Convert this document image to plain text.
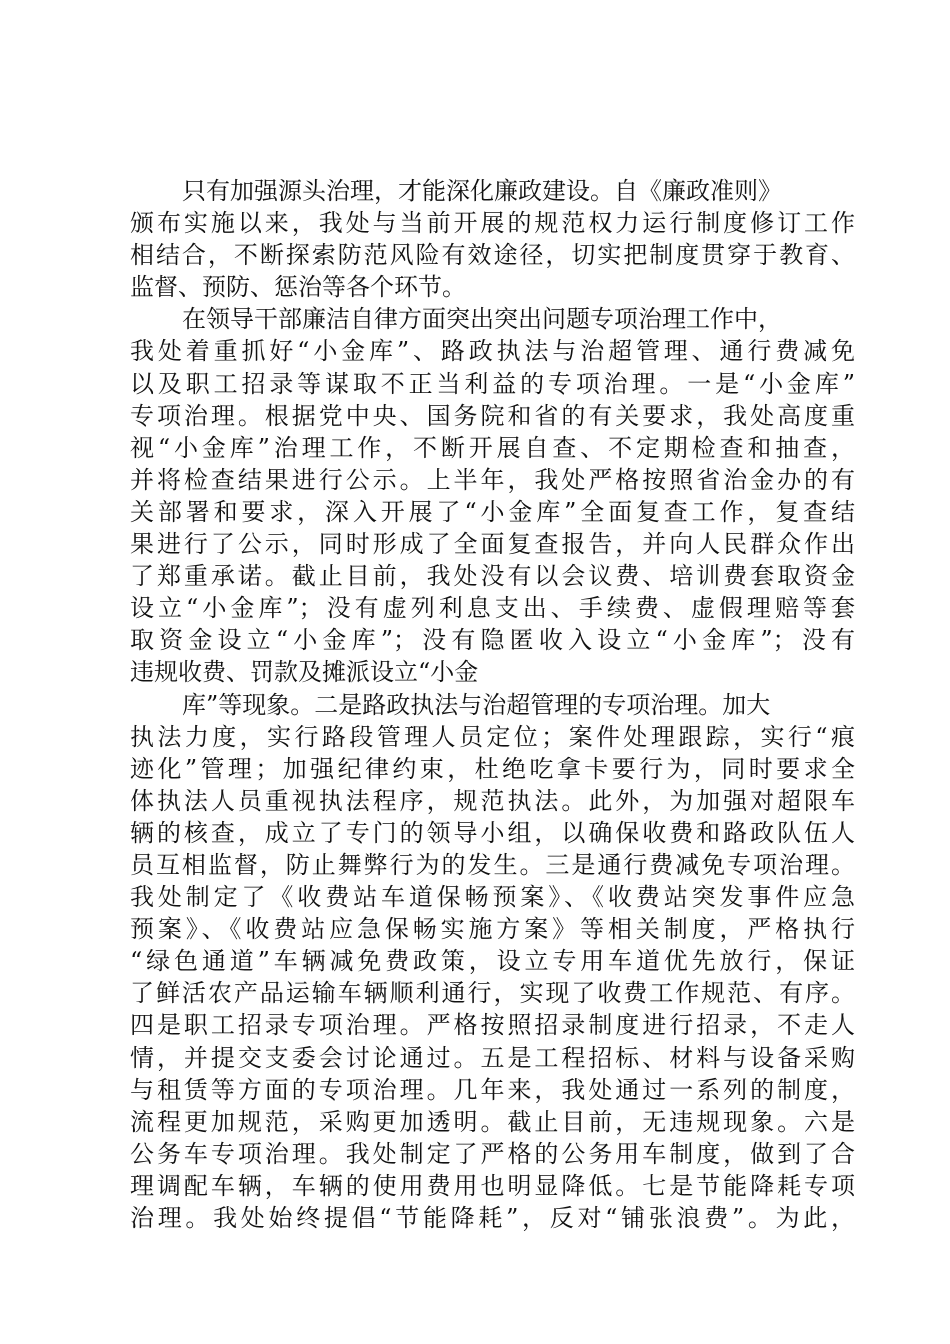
只有加强源头治理，才能深化廉政建设。自《廉政准则》
颁布实施以来，我处与当前开展的规范权力运行制度修订工作
相结合，不断探索防范风险有效途径，切实把制度贯穿于教育、
监督、预防、惩治等各个环节。
在领导干部廉洁自律方面突出突出问题专项治理工作中，
我处着重抓好“小金库”、路政执法与治超管理、通行费减免
以及职工招录等谋取不正当利益的专项治理。一是“小金库”
专项治理。根据党中央、国务院和省的有关要求，我处高度重
视“小金库”治理工作，不断开展自查、不定期检查和抽查，
并将检查结果进行公示。上半年，我处严格按照省治金办的有
关部署和要求，深入开展了“小金库”全面复查工作，复查结
果进行了公示，同时形成了全面复查报告，并向人民群众作出
了郑重承诺。截止目前，我处没有以会议费、培训费套取资金
设立“小金库”；没有虚列利息支出、手续费、虚假理赔等套
取资金设立“小金库”；没有隐匿收入设立“小金库”；没有
违规收费、罚款及摊派设立“小金
库”等现象。二是路政执法与治超管理的专项治理。加大
执法力度，实行路段管理人员定位；案件处理跟踪，实行“痕
迹化”管理；加强纪律约束，杜绝吃拿卡要行为，同时要求全
体执法人员重视执法程序，规范执法。此外，为加强对超限车
辆的核查，成立了专门的领导小组，以确保收费和路政队伍人
员互相监督，防止舞弊行为的发生。三是通行费减免专项治理。
我处制定了《收费站车道保畅预案》、《收费站突发事件应急
预案》、《收费站应急保畅实施方案》等相关制度，严格执行
“绿色通道”车辆减免费政策，设立专用车道优先放行，保证
了鲜活农产品运输车辆顺利通行，实现了收费工作规范、有序。
四是职工招录专项治理。严格按照招录制度进行招录，不走人
情，并提交支委会讨论通过。五是工程招标、材料与设备采购
与租赁等方面的专项治理。几年来，我处通过一系列的制度，
流程更加规范，采购更加透明。截止目前，无违规现象。六是
公务车专项治理。我处制定了严格的公务用车制度，做到了合
理调配车辆，车辆的使用费用也明显降低。七是节能降耗专项
治理。我处始终提倡“节能降耗”，反对“铺张浪费”。为此，
